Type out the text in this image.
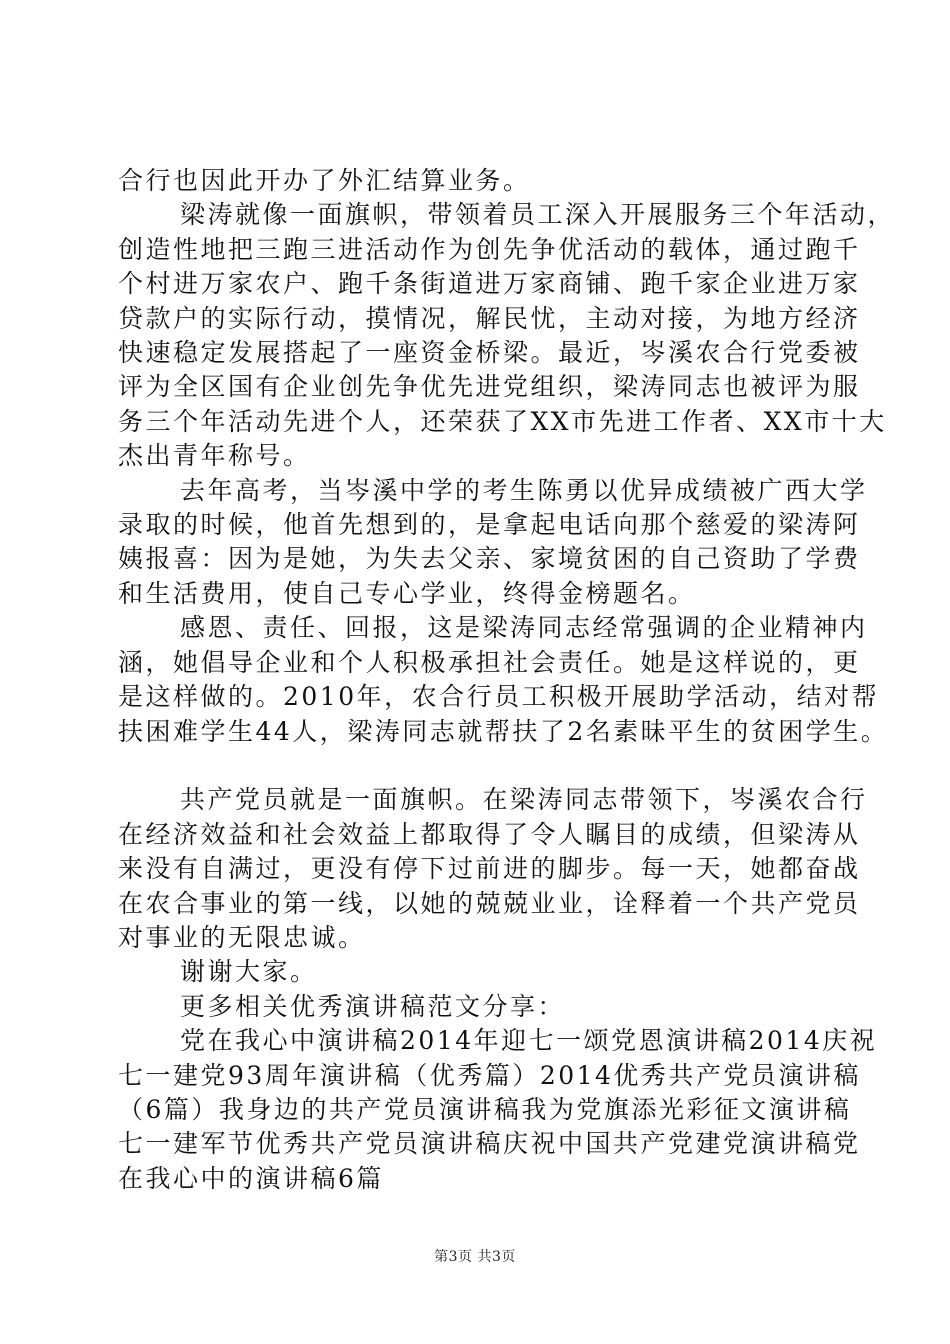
合行也因此开办了外汇结算业务。
梁涛就像一面旗帜，带领着员工深入开展服务三个年活动，
创造性地把三跑三进活动作为创先争优活动的载体，通过跑千
个村进万家农户、跑千条街道进万家商铺、跑千家企业进万家
贷款户的实际行动，摸情况，解民忧，主动对接，为地方经济
快速稳定发展搭起了一座资金桥梁。最近，岑溪农合行党委被
评为全区国有企业创先争优先进党组织，梁涛同志也被评为服
务三个年活动先进个人，还荣获了XX市先进工作者、XX市十大
杰出青年称号。
去年高考，当岑溪中学的考生陈勇以优异成绩被广西大学
录取的时候，他首先想到的，是拿起电话向那个慈爱的梁涛阿
姨报喜：因为是她，为失去父亲、家境贫困的自己资助了学费
和生活费用，使自己专心学业，终得金榜题名。
感恩、责任、回报，这是梁涛同志经常强调的企业精神内
涵，她倡导企业和个人积极承担社会责任。她是这样说的，更
是这样做的。2010年，农合行员工积极开展助学活动，结对帮
扶困难学生44人，梁涛同志就帮扶了2名素昧平生的贫困学生。
共产党员就是一面旗帜。在梁涛同志带领下，岑溪农合行
在经济效益和社会效益上都取得了令人瞩目的成绩，但梁涛从
来没有自满过，更没有停下过前进的脚步。每一天，她都奋战
在农合事业的第一线，以她的兢兢业业，诠释着一个共产党员
对事业的无限忠诚。
谢谢大家。
更多相关优秀演讲稿范文分享：
党在我心中演讲稿2014年迎七一颂党恩演讲稿2014庆祝
七一建党93周年演讲稿（优秀篇）2014优秀共产党员演讲稿
（6篇）我身边的共产党员演讲稿我为党旗添光彩征文演讲稿
七一建军节优秀共产党员演讲稿庆祝中国共产党建党演讲稿党
在我心中的演讲稿6篇
第3页 共3页
